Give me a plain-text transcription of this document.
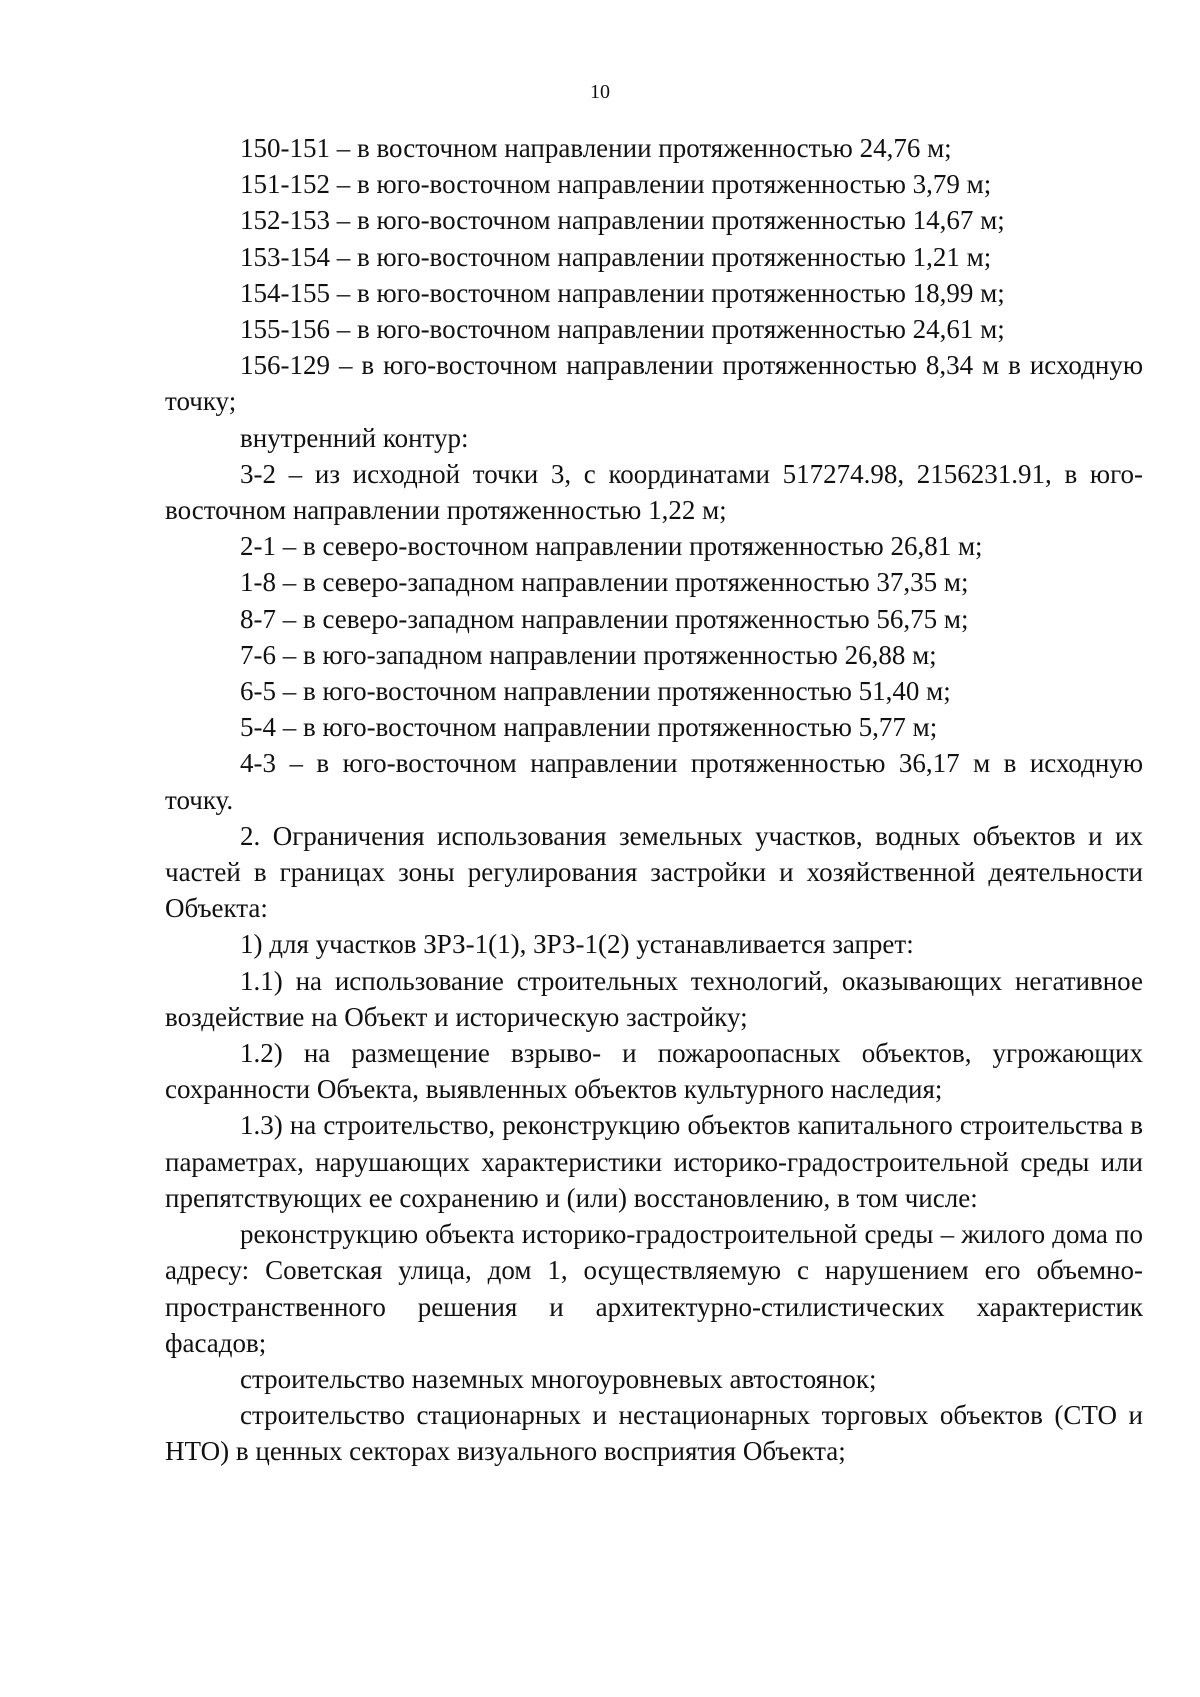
10

150-151 – в восточном направлении протяженностью 24,76 м;

151-152 – в юго-восточном направлении протяженностью 3,79 м;

152-153 – в юго-восточном направлении протяженностью 14,67 м;

153-154 – в юго-восточном направлении протяженностью 1,21 м;

154-155 – в юго-восточном направлении протяженностью 18,99 м;

155-156 – в юго-восточном направлении протяженностью 24,61 м;

156-129 – в юго-восточном направлении протяженностью 8,34 м в исходную точку;

внутренний контур:

3-2 – из исходной точки 3, с координатами 517274.98, 2156231.91, в юго-восточном направлении протяженностью 1,22 м;

2-1 – в северо-восточном направлении протяженностью 26,81 м;

1-8 – в северо-западном направлении протяженностью 37,35 м;

8-7 – в северо-западном направлении протяженностью 56,75 м;

7-6 – в юго-западном направлении протяженностью 26,88 м;

6-5 – в юго-восточном направлении протяженностью 51,40 м;

5-4 – в юго-восточном направлении протяженностью 5,77 м;

4-3 – в юго-восточном направлении протяженностью 36,17 м в исходную точку.

2. Ограничения использования земельных участков, водных объектов и их частей в границах зоны регулирования застройки и хозяйственной деятельности Объекта:

1) для участков ЗРЗ-1(1), ЗРЗ-1(2) устанавливается запрет:

1.1) на использование строительных технологий, оказывающих негативное воздействие на Объект и историческую застройку;

1.2) на размещение взрыво- и пожароопасных объектов, угрожающих сохранности Объекта, выявленных объектов культурного наследия;

1.3) на строительство, реконструкцию объектов капитального строительства в параметрах, нарушающих характеристики историко-градостроительной среды или препятствующих ее сохранению и (или) восстановлению, в том числе:

реконструкцию объекта историко-градостроительной среды – жилого дома по адресу: Советская улица, дом 1, осуществляемую с нарушением его объемно-пространственного решения и архитектурно-стилистических характеристик фасадов;

строительство наземных многоуровневых автостоянок;

строительство стационарных и нестационарных торговых объектов (СТО и НТО) в ценных секторах визуального восприятия Объекта;
